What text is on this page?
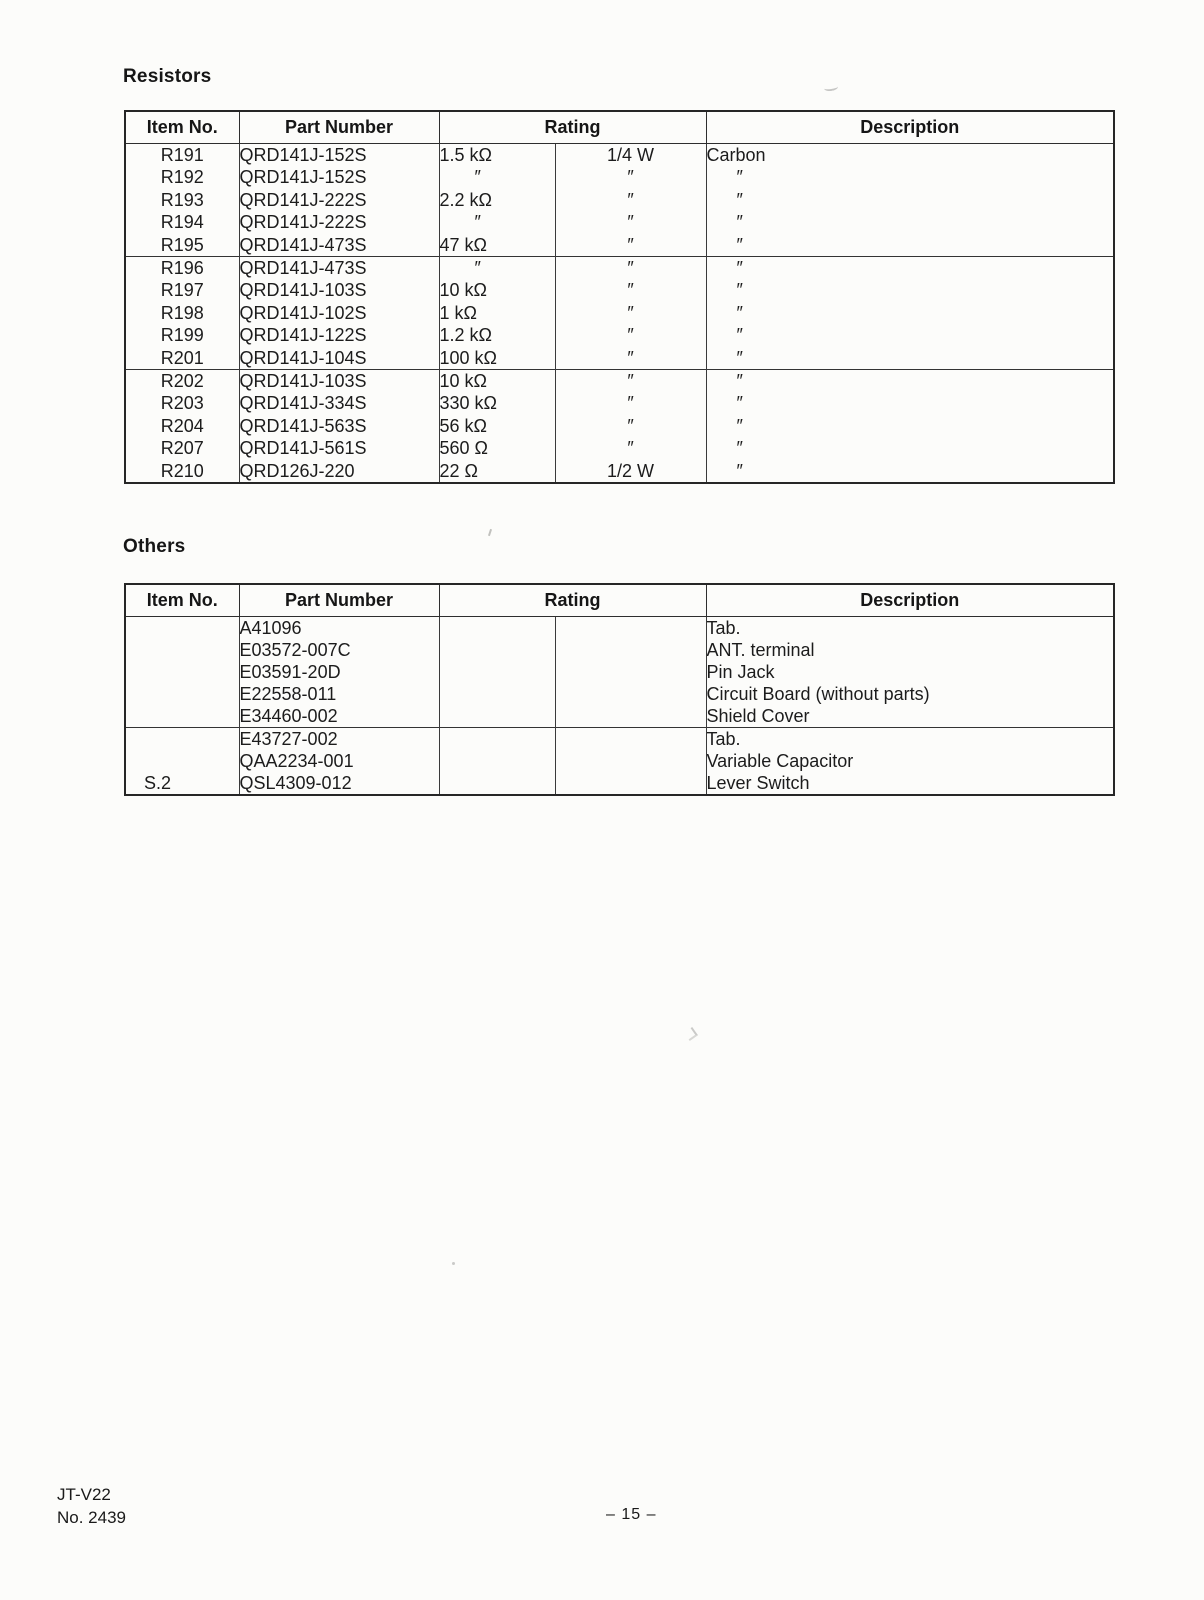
Resistors
Item No.	Part Number	Rating		Description
R191	QRD141J-152S	1.5 kΩ	1/4 W	Carbon
R192	QRD141J-152S	″	″	″
R193	QRD141J-222S	2.2 kΩ	″	″
R194	QRD141J-222S	″	″	″
R195	QRD141J-473S	47 kΩ	″	″
R196	QRD141J-473S	″	″	″
R197	QRD141J-103S	10 kΩ	″	″
R198	QRD141J-102S	1 kΩ	″	″
R199	QRD141J-122S	1.2 kΩ	″	″
R201	QRD141J-104S	100 kΩ	″	″
R202	QRD141J-103S	10 kΩ	″	″
R203	QRD141J-334S	330 kΩ	″	″
R204	QRD141J-563S	56 kΩ	″	″
R207	QRD141J-561S	560 Ω	″	″
R210	QRD126J-220	22 Ω	1/2 W	″
Others
Item No.	Part Number	Rating		Description
	A41096			Tab.
	E03572-007C			ANT. terminal
	E03591-20D			Pin Jack
	E22558-011			Circuit Board (without parts)
	E34460-002			Shield Cover
	E43727-002			Tab.
	QAA2234-001			Variable Capacitor
S.2	QSL4309-012			Lever Switch
JT-V22
No. 2439	– 15 –
